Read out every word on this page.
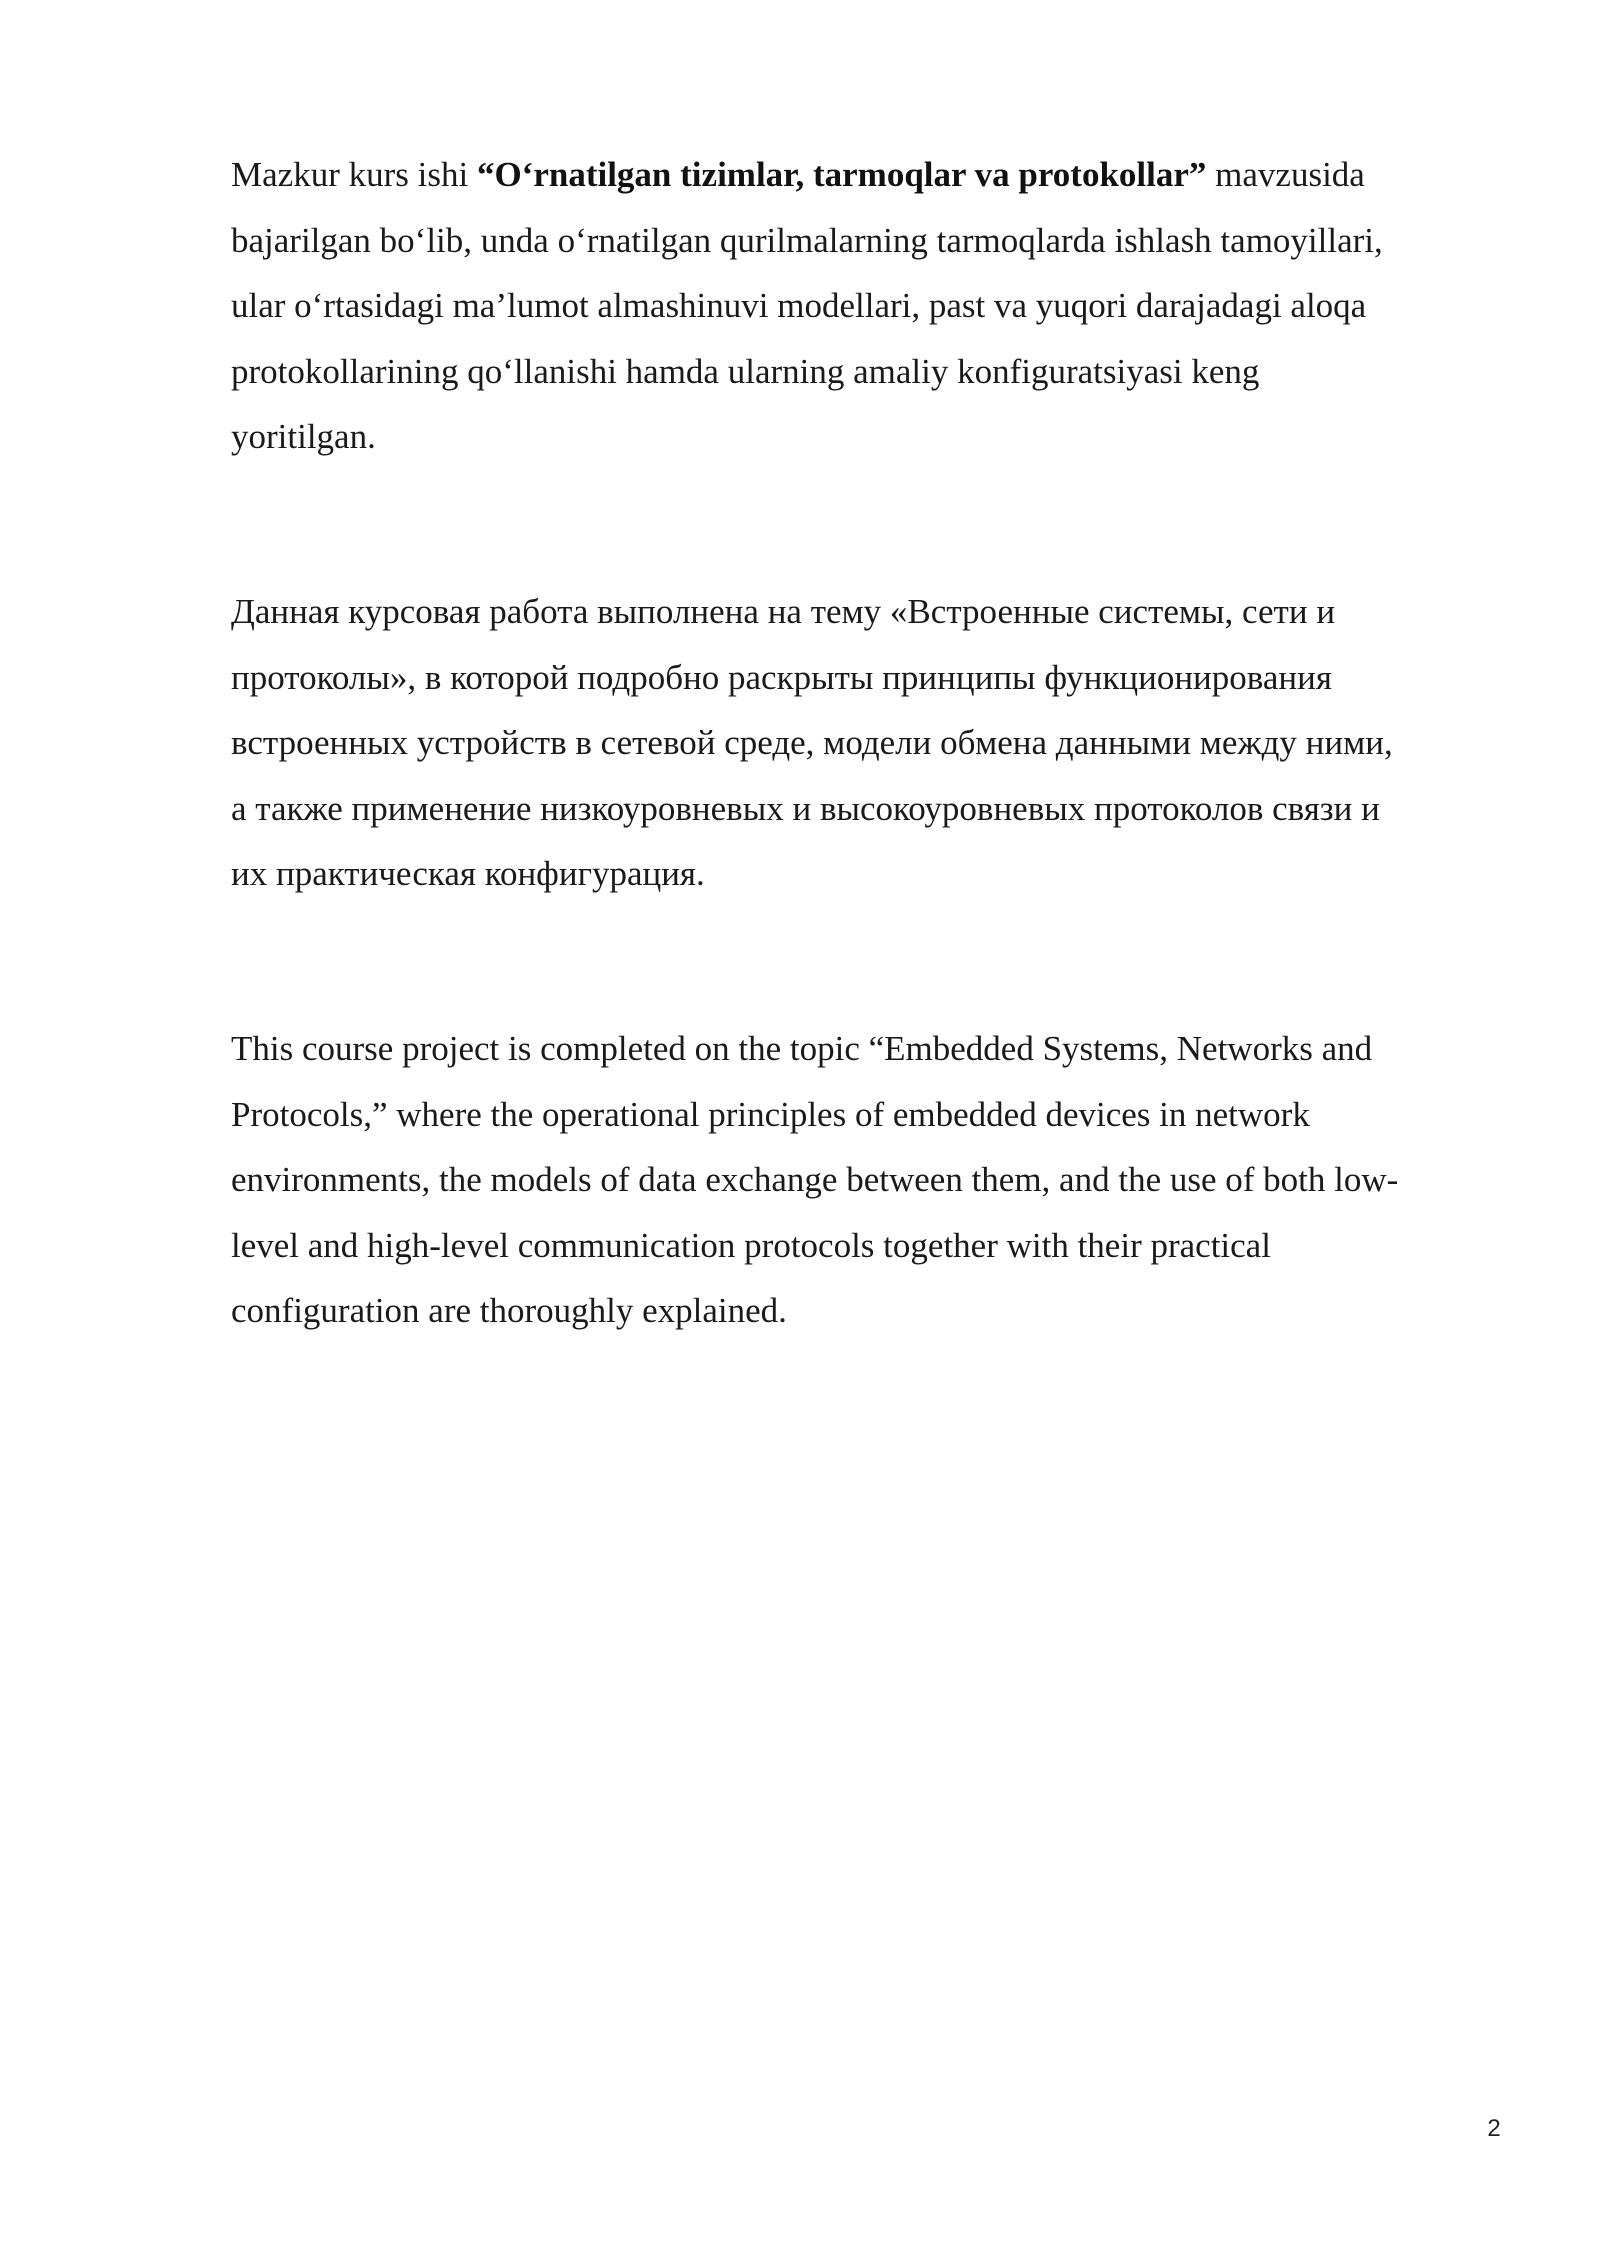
Mazkur kurs ishi “O‘rnatilgan tizimlar, tarmoqlar va protokollar” mavzusida
bajarilgan bo‘lib, unda o‘rnatilgan qurilmalarning tarmoqlarda ishlash tamoyillari,
ular o‘rtasidagi ma’lumot almashinuvi modellari, past va yuqori darajadagi aloqa
protokollarining qo‘llanishi hamda ularning amaliy konfiguratsiyasi keng
yoritilgan.

Данная курсовая работа выполнена на тему «Встроенные системы, сети и
протоколы», в которой подробно раскрыты принципы функционирования
встроенных устройств в сетевой среде, модели обмена данными между ними,
а также применение низкоуровневых и высокоуровневых протоколов связи и
их практическая конфигурация.

This course project is completed on the topic “Embedded Systems, Networks and
Protocols,” where the operational principles of embedded devices in network
environments, the models of data exchange between them, and the use of both low-
level and high-level communication protocols together with their practical
configuration are thoroughly explained.

2
